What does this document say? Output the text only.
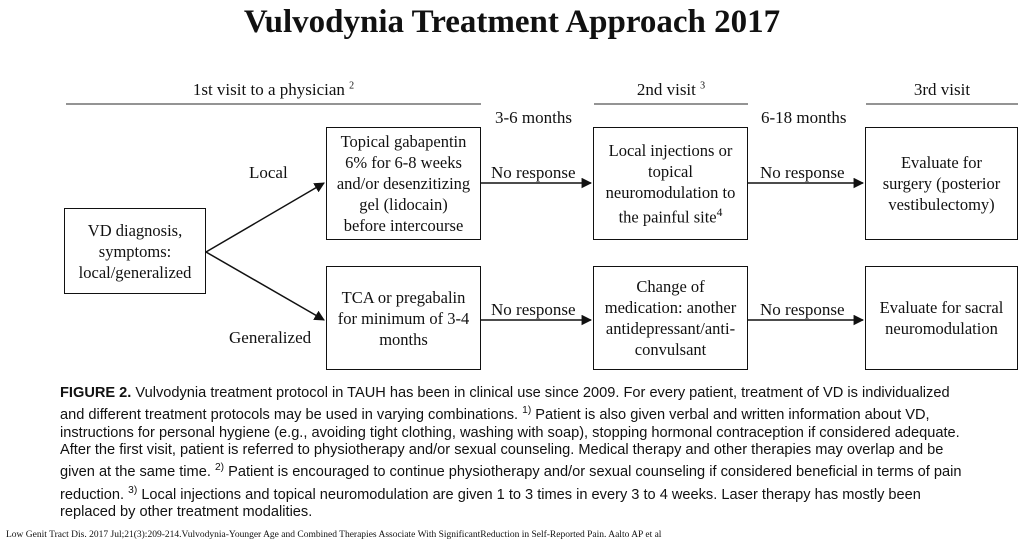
Vulvodynia Treatment Approach 2017
1st visit to a physician $^2$	2nd visit $^3$	3rd visit
3-6 months	6-18 months
Local
Generalized
VD diagnosis,
symptoms:
local/generalized
Topical gabapentin
6% for 6-8 weeks
and/or desenzitizing
gel (lidocain)
before intercourse
No response
Local injections or
topical
neuromodulation to
the painful site$^4$
No response
Evaluate for
surgery (posterior
vestibulectomy)
TCA or pregabalin
for minimum of 3-4
months
No response
Change of
medication: another
antidepressant/anti-
convulsant
No response Evaluate for sacral
neuromodulation
FIGURE 2. Vulvodynia treatment protocol in TAUH has been in clinical use since 2009. For every patient, treatment of VD is individualized and different treatment protocols may be used in varying combinations. $^{1)}$ Patient is also given verbal and written information about VD, instructions for personal hygiene (e.g., avoiding tight clothing, washing with soap), stopping hormonal contraception if considered adequate. After the first visit, patient is referred to physiotherapy and/or sexual counseling. Medical therapy and other therapies may overlap and be given at the same time. $^{2)}$ Patient is encouraged to continue physiotherapy and/or sexual counseling if considered beneficial in terms of pain reduction. $^{3)}$ Local injections and topical neuromodulation are given 1 to 3 times in every 3 to 4 weeks. Laser therapy has mostly been replaced by other treatment modalities.
Low Genit Tract Dis. 2017 Jul;21(3):209-214.Vulvodynia-Younger Age and Combined Therapies Associate With SignificantReduction in Self-Reported Pain. Aalto AP et al
